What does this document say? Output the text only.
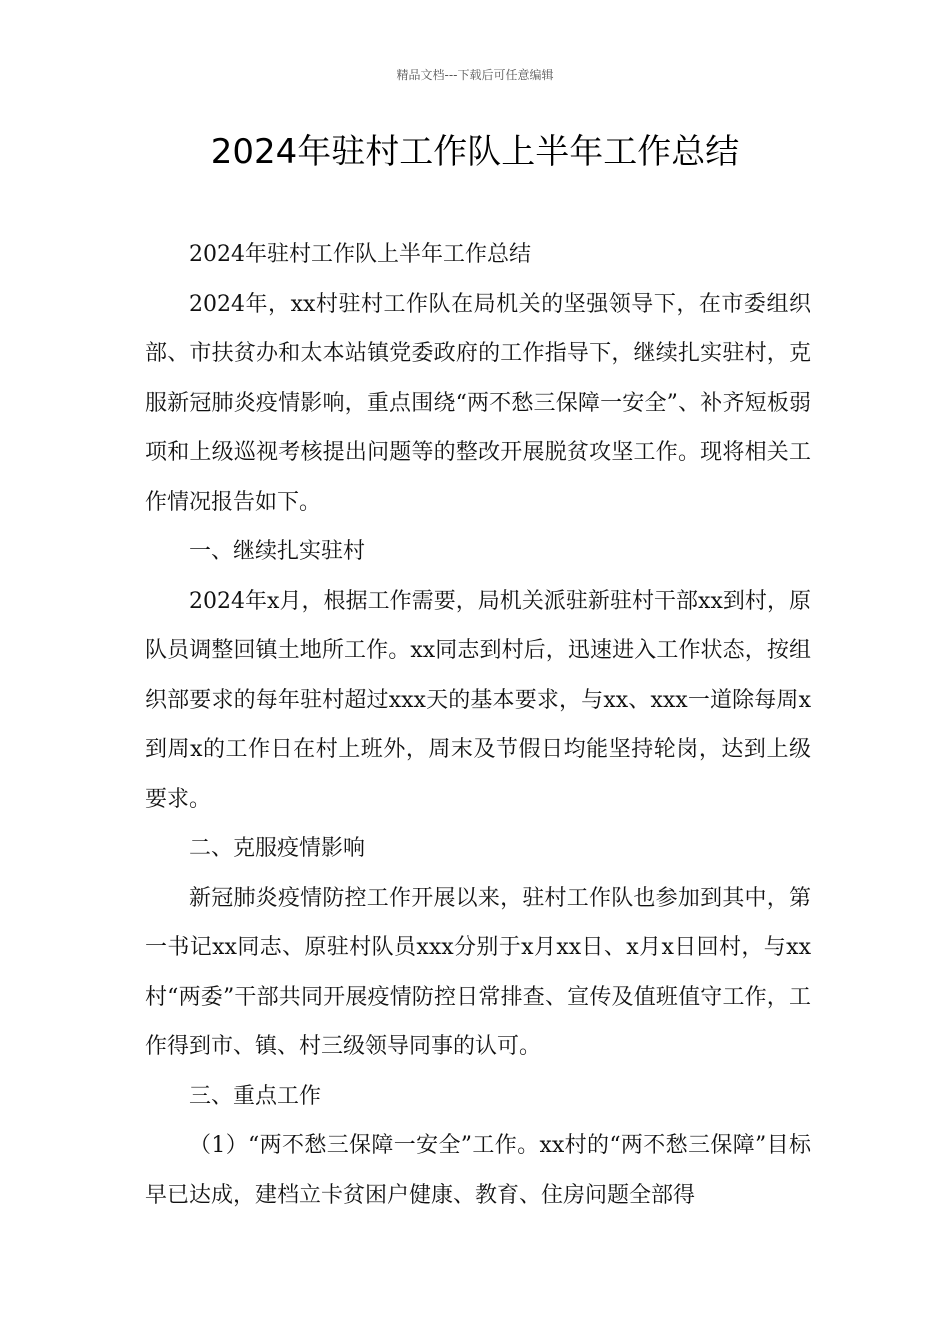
精品文档---下载后可任意编辑
2024年驻村工作队上半年工作总结

2024年驻村工作队上半年工作总结

2024年，xx村驻村工作队在局机关的坚强领导下，在市委组织部、市扶贫办和太本站镇党委政府的工作指导下，继续扎实驻村，克服新冠肺炎疫情影响，重点围绕“两不愁三保障一安全”、补齐短板弱项和上级巡视考核提出问题等的整改开展脱贫攻坚工作。现将相关工作情况报告如下。

一、继续扎实驻村

2024年x月，根据工作需要，局机关派驻新驻村干部xx到村，原队员调整回镇土地所工作。xx同志到村后，迅速进入工作状态，按组织部要求的每年驻村超过xxx天的基本要求，与xx、xxx一道除每周x到周x的工作日在村上班外，周末及节假日均能坚持轮岗，达到上级要求。

二、克服疫情影响

新冠肺炎疫情防控工作开展以来，驻村工作队也参加到其中，第一书记xx同志、原驻村队员xxx分别于x月xx日、x月x日回村，与xx村“两委”干部共同开展疫情防控日常排查、宣传及值班值守工作，工作得到市、镇、村三级领导同事的认可。

三、重点工作

（1）“两不愁三保障一安全”工作。xx村的“两不愁三保障”目标早已达成，建档立卡贫困户健康、教育、住房问题全部得
